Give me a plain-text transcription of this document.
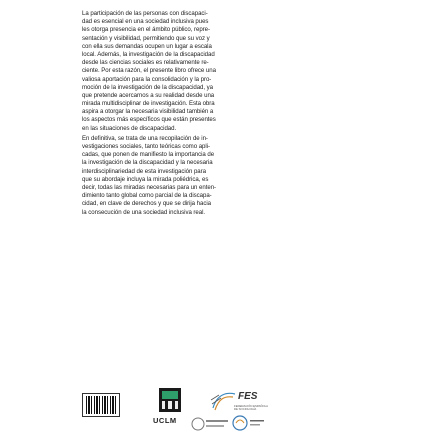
La participación de las personas con discapaci-
dad es esencial en una sociedad inclusiva pues
les otorga presencia en el ámbito público, repre-
sentación y visibilidad, permitiendo que su voz y
con ella sus demandas ocupen un lugar a escala
local. Además, la investigación de la discapacidad
desde las ciencias sociales es relativamente re-
ciente. Por esta razón, el presente libro ofrece una
valiosa aportación para la consolidación y la pro-
moción de la investigación de la discapacidad, ya
que pretende acercarnos a su realidad desde una
mirada multidisciplinar de investigación. Esta obra
aspira a otorgar la necesaria visibilidad también a
los aspectos más específicos que están presentes
en las situaciones de discapacidad.
En definitiva, se trata de una recopilación de in-
vestigaciones sociales, tanto teóricas como apli-
cadas, que ponen de manifiesto la importancia de
la investigación de la discapacidad y la necesaria
interdisciplinariedad de esta investigación para
que su abordaje incluya la mirada poliédrica, es
decir, todas las miradas necesarias para un enten-
dimiento tanto global como parcial de la discapa-
cidad, en clave de derechos y que se dirija hacia
la consecución de una sociedad inclusiva real.
UCLM
FES
FEDERACIÓN ESPAÑOLA DE SOCIOLOGÍA
